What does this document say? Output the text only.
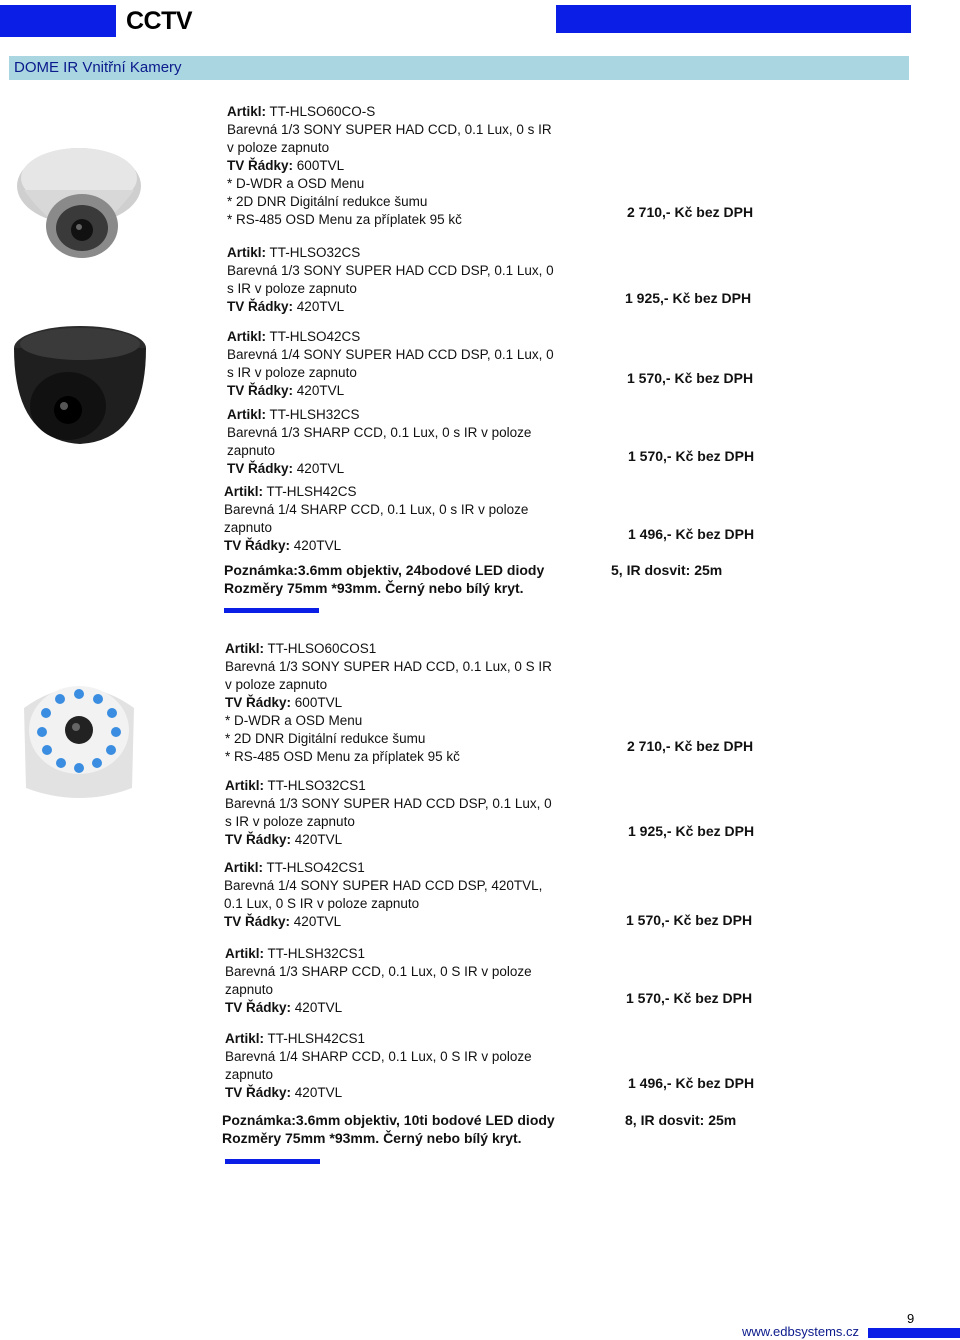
CCTV
DOME IR Vnitřní Kamery
Artikl: TT-HLSO60CO-S
Barevná 1/3 SONY SUPER HAD CCD, 0.1 Lux, 0 s IR
v poloze zapnuto
TV Řádky: 600TVL
* D-WDR a OSD Menu
* 2D DNR Digitální redukce šumu
* RS-485 OSD Menu za příplatek 95 kč	2 710,- Kč bez DPH
Artikl: TT-HLSO32CS
Barevná 1/3 SONY SUPER HAD CCD DSP, 0.1 Lux, 0
s IR v poloze zapnuto
TV Řádky: 420TVL
1 925,- Kč bez DPH
Artikl: TT-HLSO42CS
Barevná 1/4 SONY SUPER HAD CCD DSP, 0.1 Lux, 0
s IR v poloze zapnuto
TV Řádky: 420TVL
1 570,- Kč bez DPH
Artikl: TT-HLSH32CS
Barevná 1/3 SHARP CCD, 0.1 Lux, 0 s IR v poloze
zapnuto
TV Řádky: 420TVL
1 570,- Kč bez DPH
Artikl: TT-HLSH42CS
Barevná 1/4 SHARP CCD, 0.1 Lux, 0 s IR v poloze
zapnuto
TV Řádky: 420TVL
1 496,- Kč bez DPH
Poznámka:3.6mm objektiv, 24bodové LED diody	5, IR dosvit: 25m
Rozměry 75mm *93mm. Černý nebo bílý kryt.
Artikl: TT-HLSO60COS1
Barevná 1/3 SONY SUPER HAD CCD, 0.1 Lux, 0 S IR
v poloze zapnuto
TV Řádky: 600TVL
* D-WDR a OSD Menu
* 2D DNR Digitální redukce šumu
* RS-485 OSD Menu za příplatek 95 kč
2 710,- Kč bez DPH
Artikl: TT-HLSO32CS1
Barevná 1/3 SONY SUPER HAD CCD DSP, 0.1 Lux, 0
s IR v poloze zapnuto
TV Řádky: 420TVL
1 925,- Kč bez DPH
Artikl: TT-HLSO42CS1
Barevná 1/4 SONY SUPER HAD CCD DSP, 420TVL,
0.1 Lux, 0 S IR v poloze zapnuto
TV Řádky: 420TVL	1 570,- Kč bez DPH
Artikl: TT-HLSH32CS1
Barevná 1/3 SHARP CCD, 0.1 Lux, 0 S IR v poloze
zapnuto
TV Řádky: 420TVL
1 570,- Kč bez DPH
Artikl: TT-HLSH42CS1
Barevná 1/4 SHARP CCD, 0.1 Lux, 0 S IR v poloze
zapnuto
TV Řádky: 420TVL
1 496,- Kč bez DPH
Poznámka:3.6mm objektiv, 10ti bodové LED diody	8, IR dosvit: 25m
Rozměry 75mm *93mm. Černý nebo bílý kryt.
9
www.edbsystems.cz
